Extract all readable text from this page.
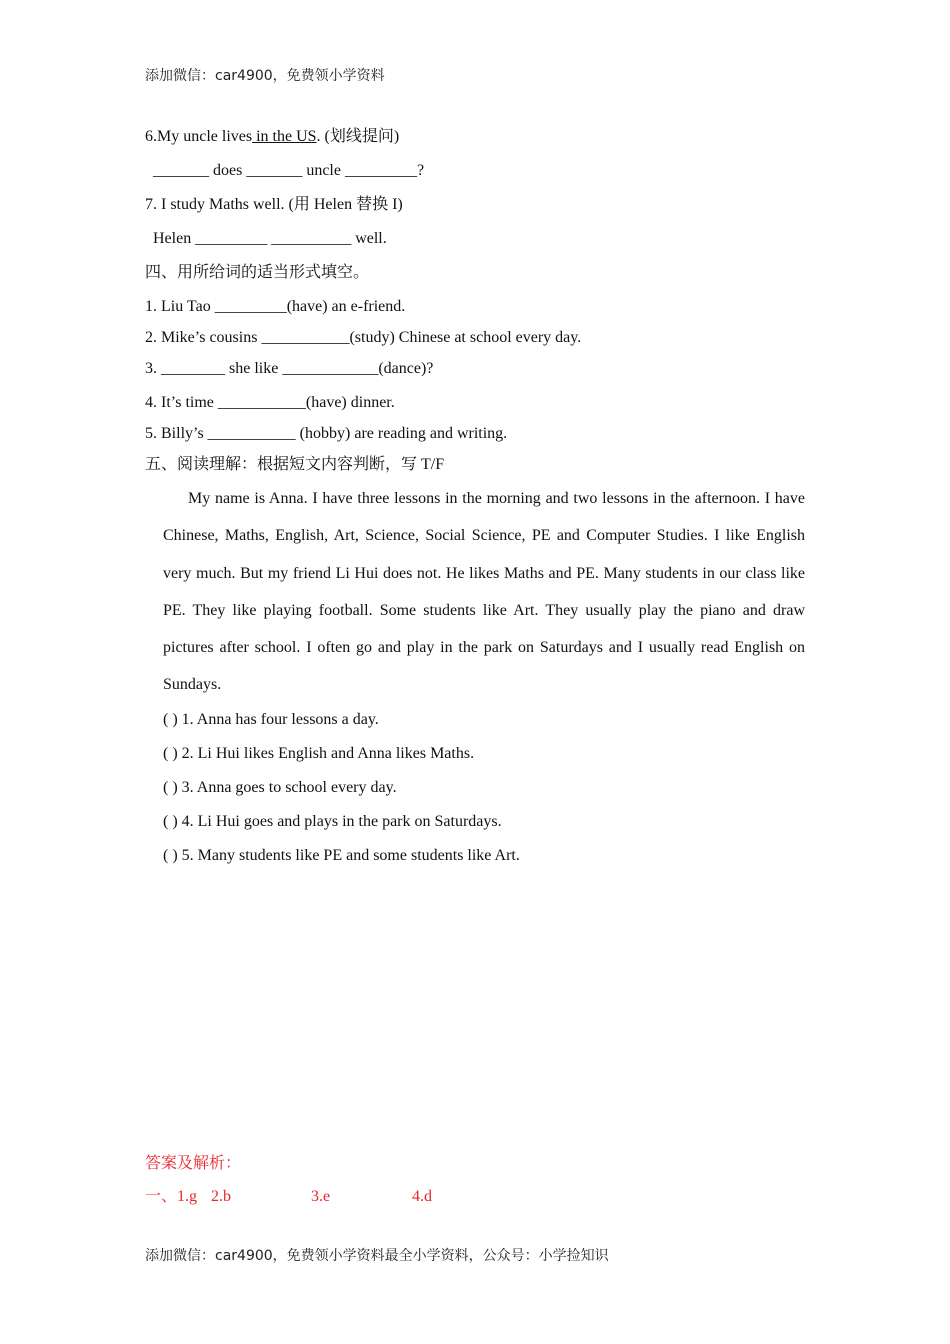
添加微信：car4900，免费领小学资料
6.My uncle lives in the US. (划线提问)
_______ does _______ uncle _________?
7. I study Maths well. (用 Helen 替换 I)
Helen _________ __________ well.
四、用所给词的适当形式填空。
1. Liu Tao _________(have) an e-friend.
2. Mike’s cousins ___________(study) Chinese at school every day.
3. ________ she like ____________(dance)?
4. It’s time ___________(have) dinner.
5. Billy’s ___________ (hobby) are reading and writing.
五、阅读理解：根据短文内容判断，写 T/F
My name is Anna. I have three lessons in the morning and two lessons in the afternoon. I have Chinese, Maths, English, Art, Science, Social Science, PE and Computer Studies. I like English very much. But my friend Li Hui does not. He likes Maths and PE. Many students in our class like PE. They like playing football. Some students like Art. They usually play the piano and draw pictures after school. I often go and play in the park on Saturdays and I usually read English on Sundays.
( ) 1. Anna has four lessons a day.
( ) 2. Li Hui likes English and Anna likes Maths.
( ) 3. Anna goes to school every day.
( ) 4. Li Hui goes and plays in the park on Saturdays.
( ) 5. Many students like PE and some students like Art.
答案及解析：
一、1.g 2.b	3.e	4.d
添加微信：car4900，免费领小学资料最全小学资料，公众号：小学捡知识
